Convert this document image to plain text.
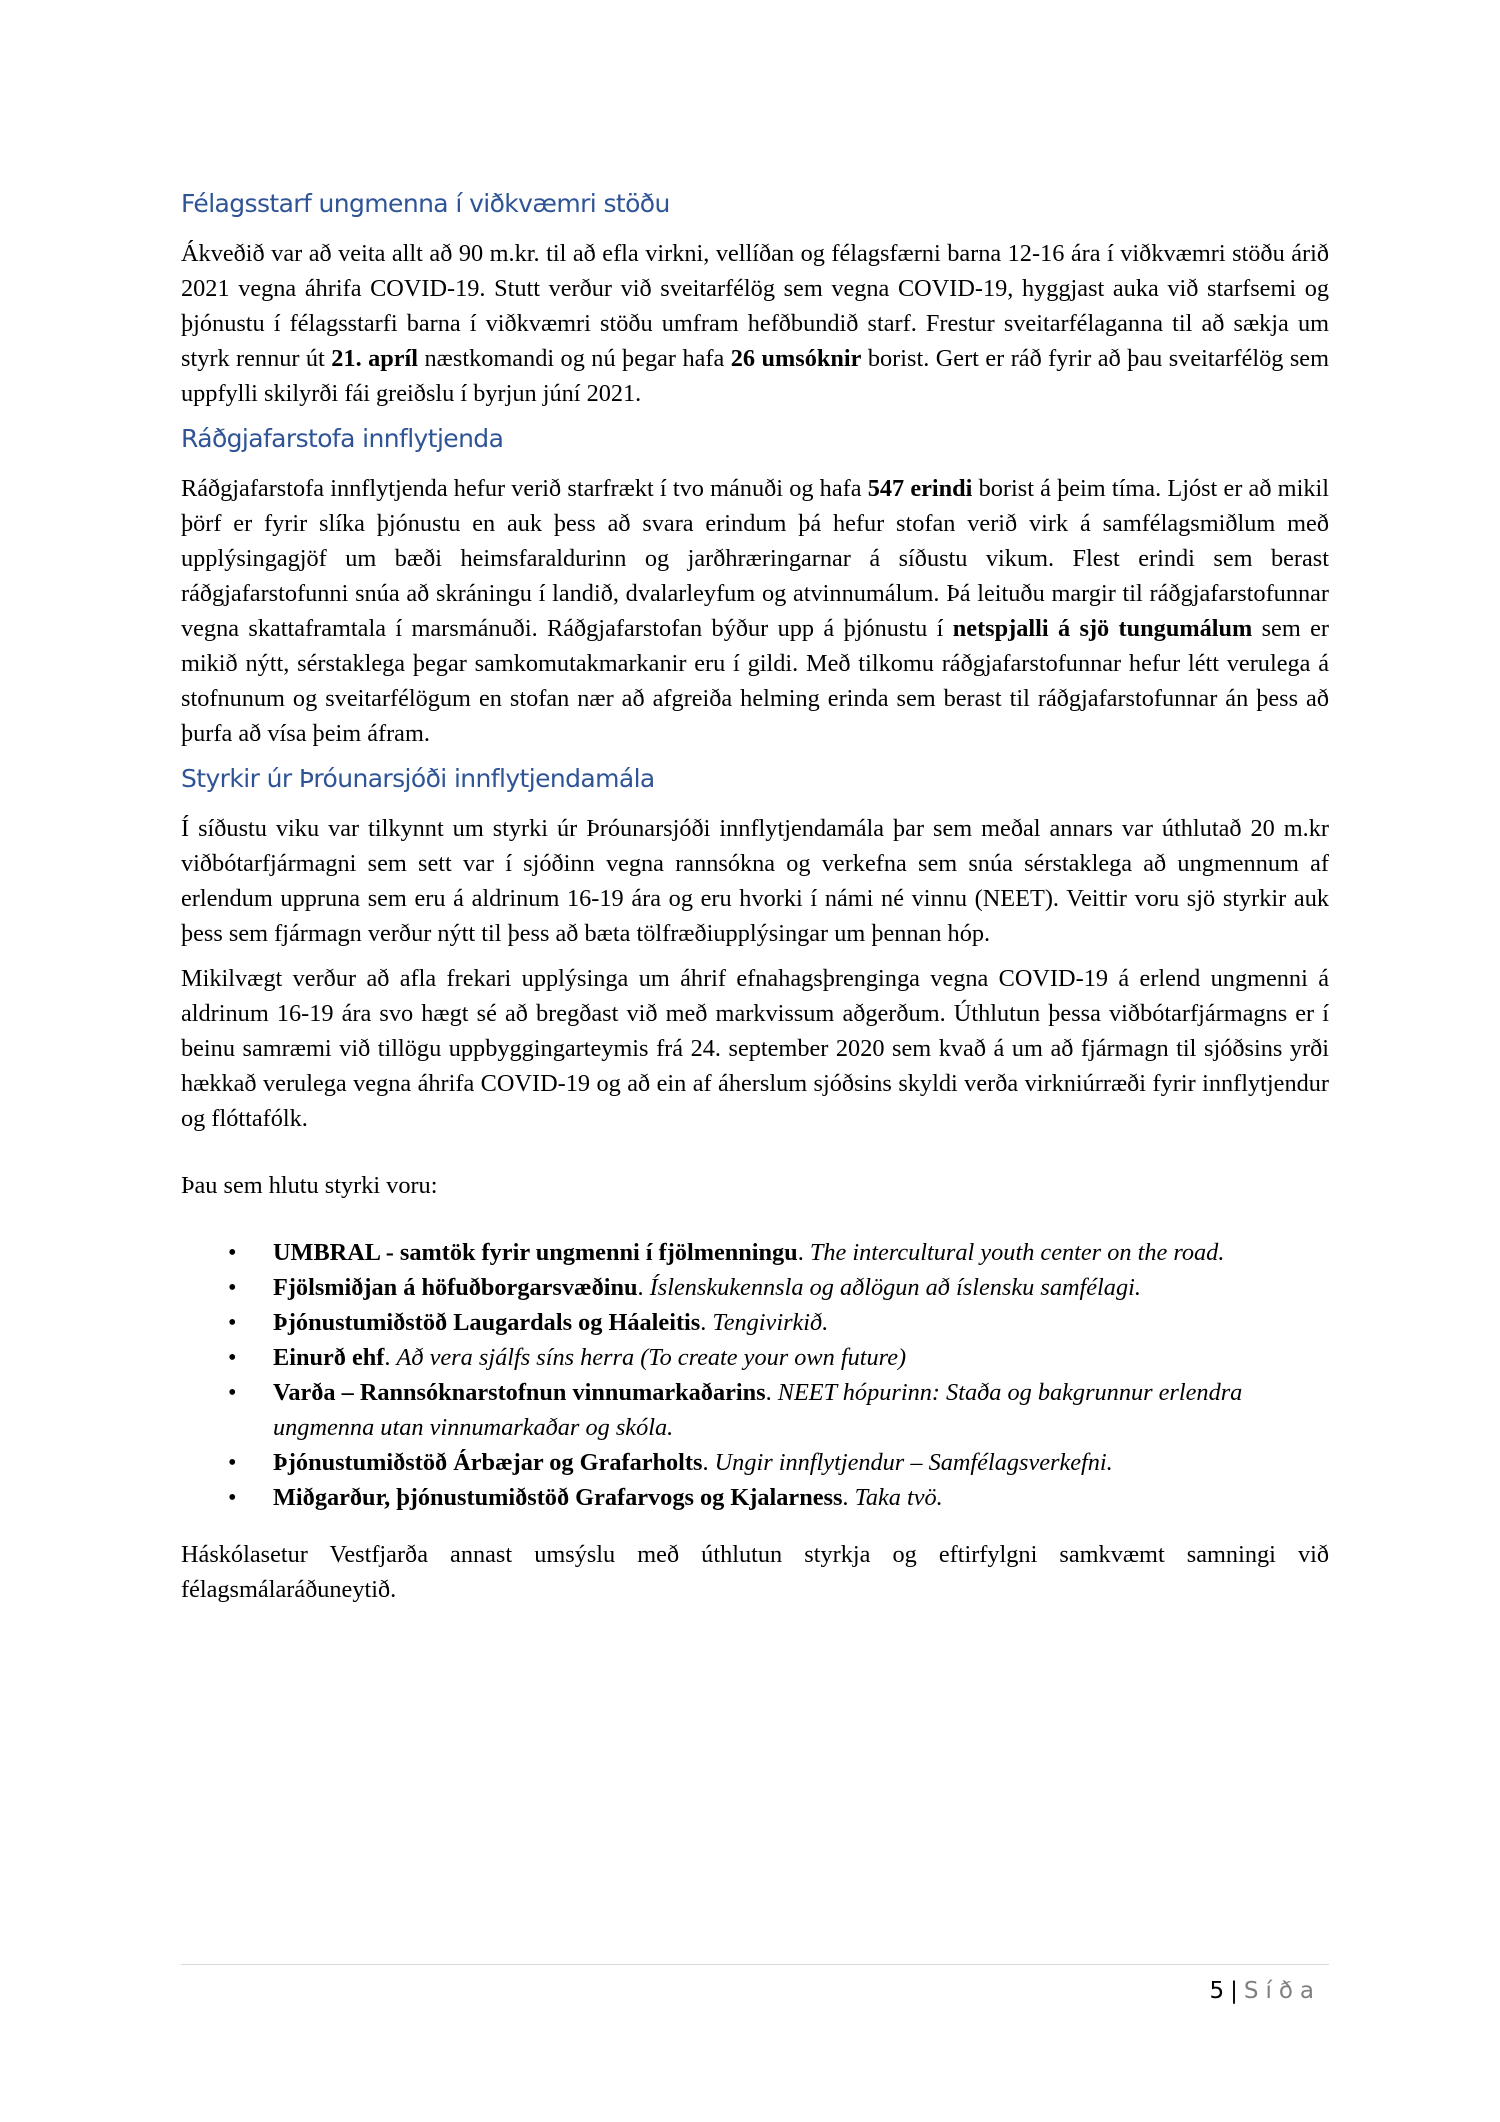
Félagsstarf ungmenna í viðkvæmri stöðu

Ákveðið var að veita allt að 90 m.kr. til að efla virkni, vellíðan og félagsfærni barna 12-16 ára í viðkvæmri stöðu árið 2021 vegna áhrifa COVID-19. Stutt verður við sveitarfélög sem vegna COVID-19, hyggjast auka við starfsemi og þjónustu í félagsstarfi barna í viðkvæmri stöðu umfram hefðbundið starf. Frestur sveitarfélaganna til að sækja um styrk rennur út 21. apríl næstkomandi og nú þegar hafa 26 umsóknir borist. Gert er ráð fyrir að þau sveitarfélög sem uppfylli skilyrði fái greiðslu í byrjun júní 2021.

Ráðgjafarstofa innflytjenda

Ráðgjafarstofa innflytjenda hefur verið starfrækt í tvo mánuði og hafa 547 erindi borist á þeim tíma. Ljóst er að mikil þörf er fyrir slíka þjónustu en auk þess að svara erindum þá hefur stofan verið virk á samfélagsmiðlum með upplýsingagjöf um bæði heimsfaraldurinn og jarðhræringarnar á síðustu vikum. Flest erindi sem berast ráðgjafarstofunni snúa að skráningu í landið, dvalarleyfum og atvinnumálum. Þá leituðu margir til ráðgjafarstofunnar vegna skattaframtala í marsmánuði. Ráðgjafarstofan býður upp á þjónustu í netspjalli á sjö tungumálum sem er mikið nýtt, sérstaklega þegar samkomutakmarkanir eru í gildi. Með tilkomu ráðgjafarstofunnar hefur létt verulega á stofnunum og sveitarfélögum en stofan nær að afgreiða helming erinda sem berast til ráðgjafarstofunnar án þess að þurfa að vísa þeim áfram.

Styrkir úr Þróunarsjóði innflytjendamála

Í síðustu viku var tilkynnt um styrki úr Þróunarsjóði innflytjendamála þar sem meðal annars var úthlutað 20 m.kr viðbótarfjármagni sem sett var í sjóðinn vegna rannsókna og verkefna sem snúa sérstaklega að ungmennum af erlendum uppruna sem eru á aldrinum 16-19 ára og eru hvorki í námi né vinnu (NEET). Veittir voru sjö styrkir auk þess sem fjármagn verður nýtt til þess að bæta tölfræðiupplýsingar um þennan hóp.

Mikilvægt verður að afla frekari upplýsinga um áhrif efnahagsþrenginga vegna COVID-19 á erlend ungmenni á aldrinum 16-19 ára svo hægt sé að bregðast við með markvissum aðgerðum. Úthlutun þessa viðbótarfjármagns er í beinu samræmi við tillögu uppbyggingarteymis frá 24. september 2020 sem kvað á um að fjármagn til sjóðsins yrði hækkað verulega vegna áhrifa COVID-19 og að ein af áherslum sjóðsins skyldi verða virkniúrræði fyrir innflytjendur og flóttafólk.

Þau sem hlutu styrki voru:

• UMBRAL - samtök fyrir ungmenni í fjölmenningu. The intercultural youth center on the road.
• Fjölsmiðjan á höfuðborgarsvæðinu. Íslenskukennsla og aðlögun að íslensku samfélagi.
• Þjónustumiðstöð Laugardals og Háaleitis. Tengivirkið.
• Einurð ehf. Að vera sjálfs síns herra (To create your own future)
• Varða – Rannsóknarstofnun vinnumarkaðarins. NEET hópurinn: Staða og bakgrunnur erlendra ungmenna utan vinnumarkaðar og skóla.
• Þjónustumiðstöð Árbæjar og Grafarholts. Ungir innflytjendur – Samfélagsverkefni.
• Miðgarður, þjónustumiðstöð Grafarvogs og Kjalarness. Taka tvö.

Háskólasetur Vestfjarða annast umsýslu með úthlutun styrkja og eftirfylgni samkvæmt samningi við félagsmálaráðuneytið.

5 | Síða
